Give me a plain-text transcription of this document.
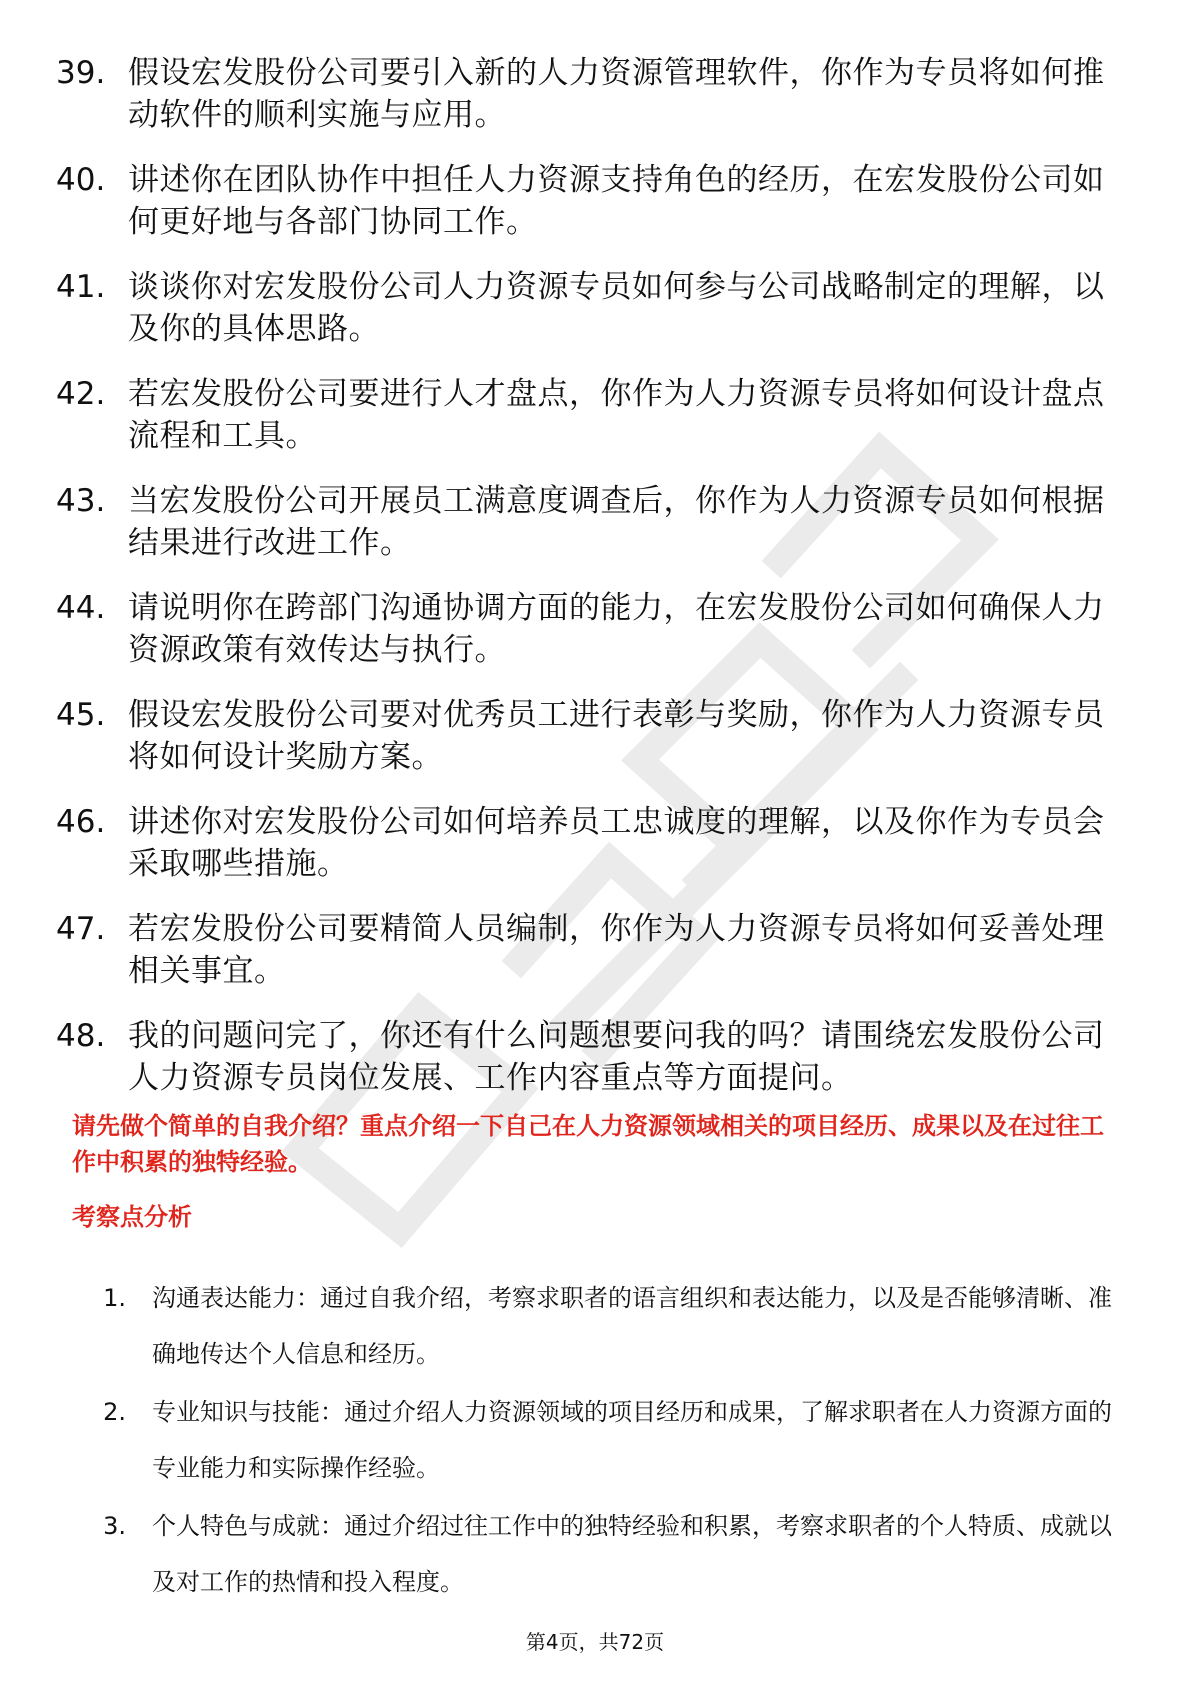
39. 假设宏发股份公司要引入新的人力资源管理软件，你作为专员将如何推动软件的顺利实施与应用。
40. 讲述你在团队协作中担任人力资源支持角色的经历，在宏发股份公司如何更好地与各部门协同工作。
41. 谈谈你对宏发股份公司人力资源专员如何参与公司战略制定的理解，以及你的具体思路。
42. 若宏发股份公司要进行人才盘点，你作为人力资源专员将如何设计盘点流程和工具。
43. 当宏发股份公司开展员工满意度调查后，你作为人力资源专员如何根据结果进行改进工作。
44. 请说明你在跨部门沟通协调方面的能力，在宏发股份公司如何确保人力资源政策有效传达与执行。
45. 假设宏发股份公司要对优秀员工进行表彰与奖励，你作为人力资源专员将如何设计奖励方案。
46. 讲述你对宏发股份公司如何培养员工忠诚度的理解，以及你作为专员会采取哪些措施。
47. 若宏发股份公司要精简人员编制，你作为人力资源专员将如何妥善处理相关事宜。
48. 我的问题问完了，你还有什么问题想要问我的吗？请围绕宏发股份公司人力资源专员岗位发展、工作内容重点等方面提问。
请先做个简单的自我介绍？重点介绍一下自己在人力资源领域相关的项目经历、成果以及在过往工作中积累的独特经验。
考察点分析
1.	沟通表达能力：通过自我介绍，考察求职者的语言组织和表达能力，以及是否能够清晰、准确地传达个人信息和经历。
2.	专业知识与技能：通过介绍人力资源领域的项目经历和成果，了解求职者在人力资源方面的专业能力和实际操作经验。
3.	个人特色与成就：通过介绍过往工作中的独特经验和积累，考察求职者的个人特质、成就以及对工作的热情和投入程度。
第4页，共72页
